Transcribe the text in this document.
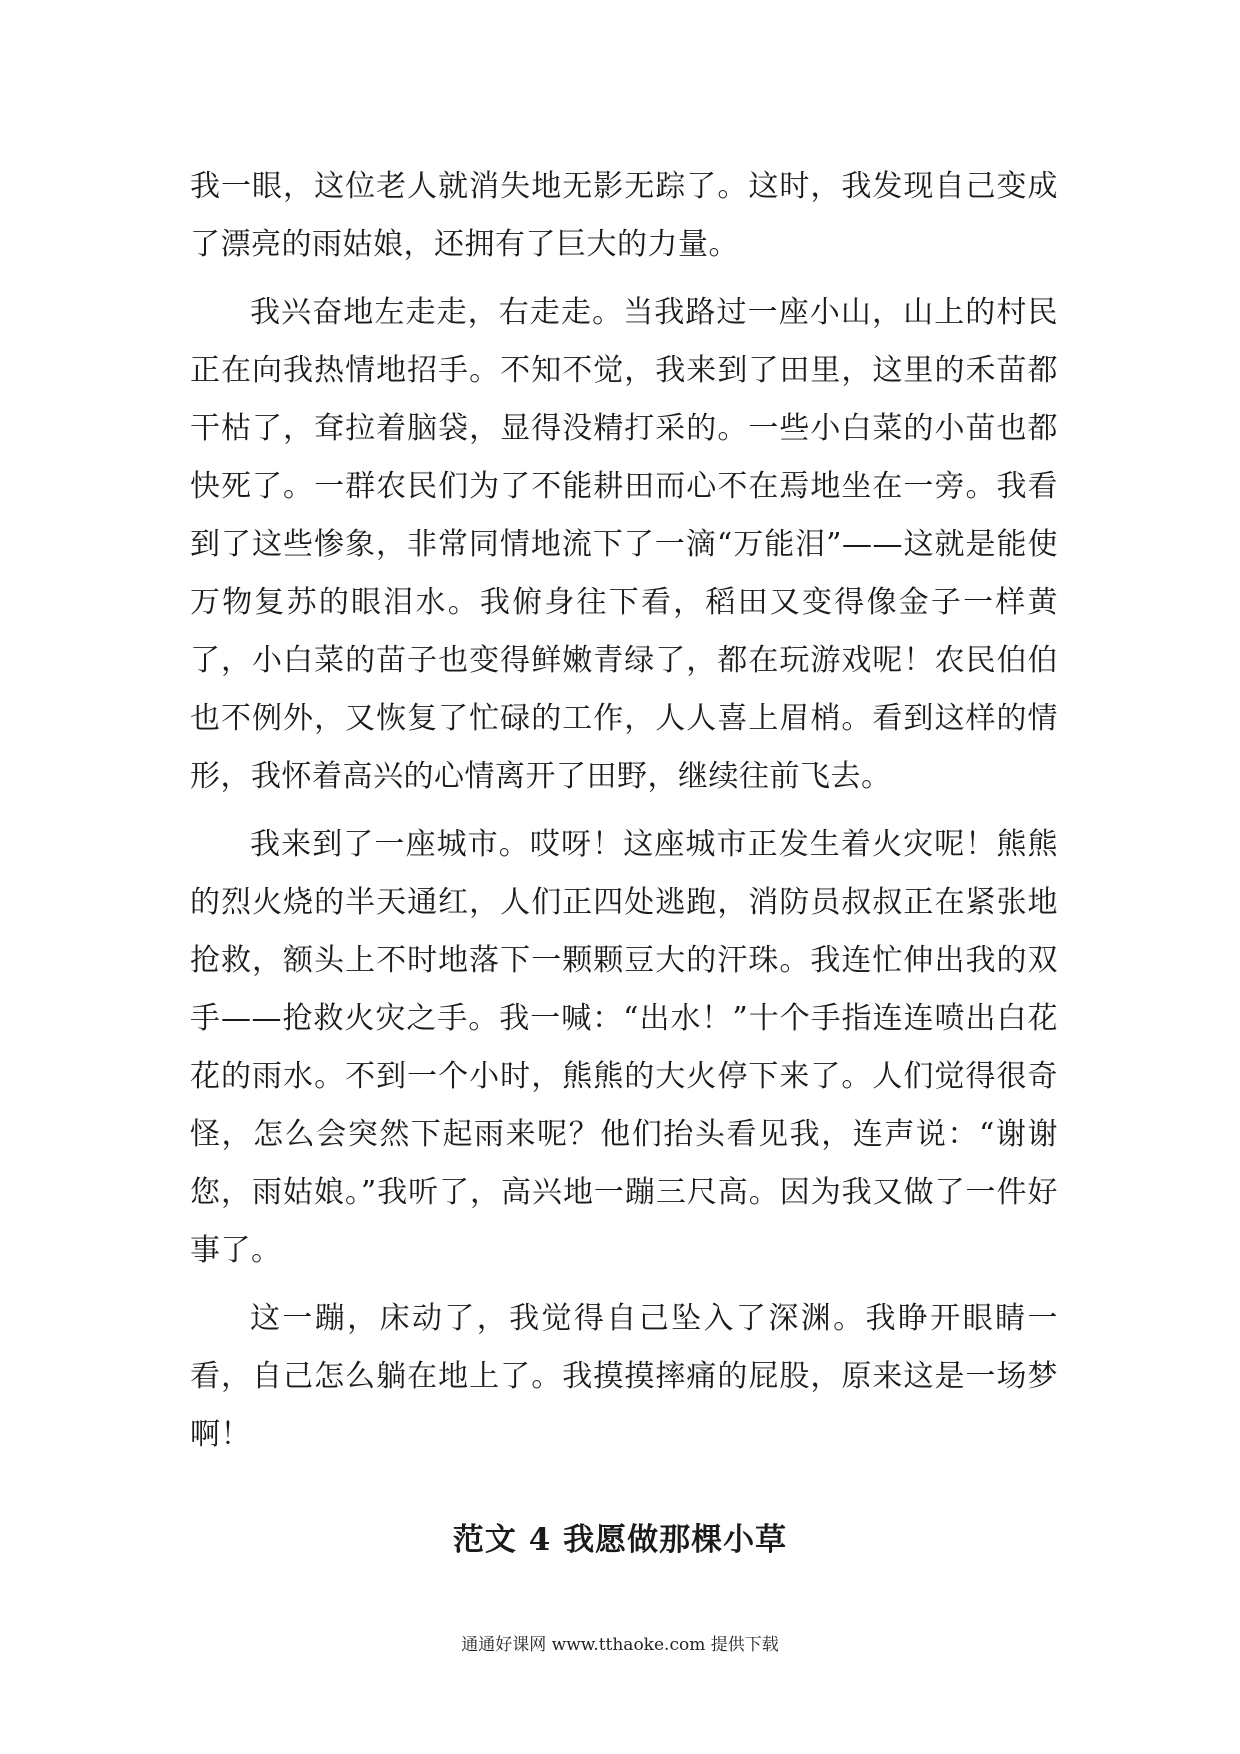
我一眼，这位老人就消失地无影无踪了。这时，我发现自己变成了漂亮的雨姑娘，还拥有了巨大的力量。

我兴奋地左走走，右走走。当我路过一座小山，山上的村民正在向我热情地招手。不知不觉，我来到了田里，这里的禾苗都干枯了，耷拉着脑袋，显得没精打采的。一些小白菜的小苗也都快死了。一群农民们为了不能耕田而心不在焉地坐在一旁。我看到了这些惨象，非常同情地流下了一滴“万能泪”——这就是能使万物复苏的眼泪水。我俯身往下看，稻田又变得像金子一样黄了，小白菜的苗子也变得鲜嫩青绿了，都在玩游戏呢！农民伯伯也不例外，又恢复了忙碌的工作，人人喜上眉梢。看到这样的情形，我怀着高兴的心情离开了田野，继续往前飞去。

我来到了一座城市。哎呀！这座城市正发生着火灾呢！熊熊的烈火烧的半天通红，人们正四处逃跑，消防员叔叔正在紧张地抢救，额头上不时地落下一颗颗豆大的汗珠。我连忙伸出我的双手——抢救火灾之手。我一喊：“出水！”十个手指连连喷出白花花的雨水。不到一个小时，熊熊的大火停下来了。人们觉得很奇怪，怎么会突然下起雨来呢？他们抬头看见我，连声说：“谢谢您，雨姑娘。”我听了，高兴地一蹦三尺高。因为我又做了一件好事了。

这一蹦，床动了，我觉得自己坠入了深渊。我睁开眼睛一看，自己怎么躺在地上了。我摸摸摔痛的屁股，原来这是一场梦啊！

范文 4 我愿做那棵小草
通通好课网 www.tthaoke.com 提供下载
